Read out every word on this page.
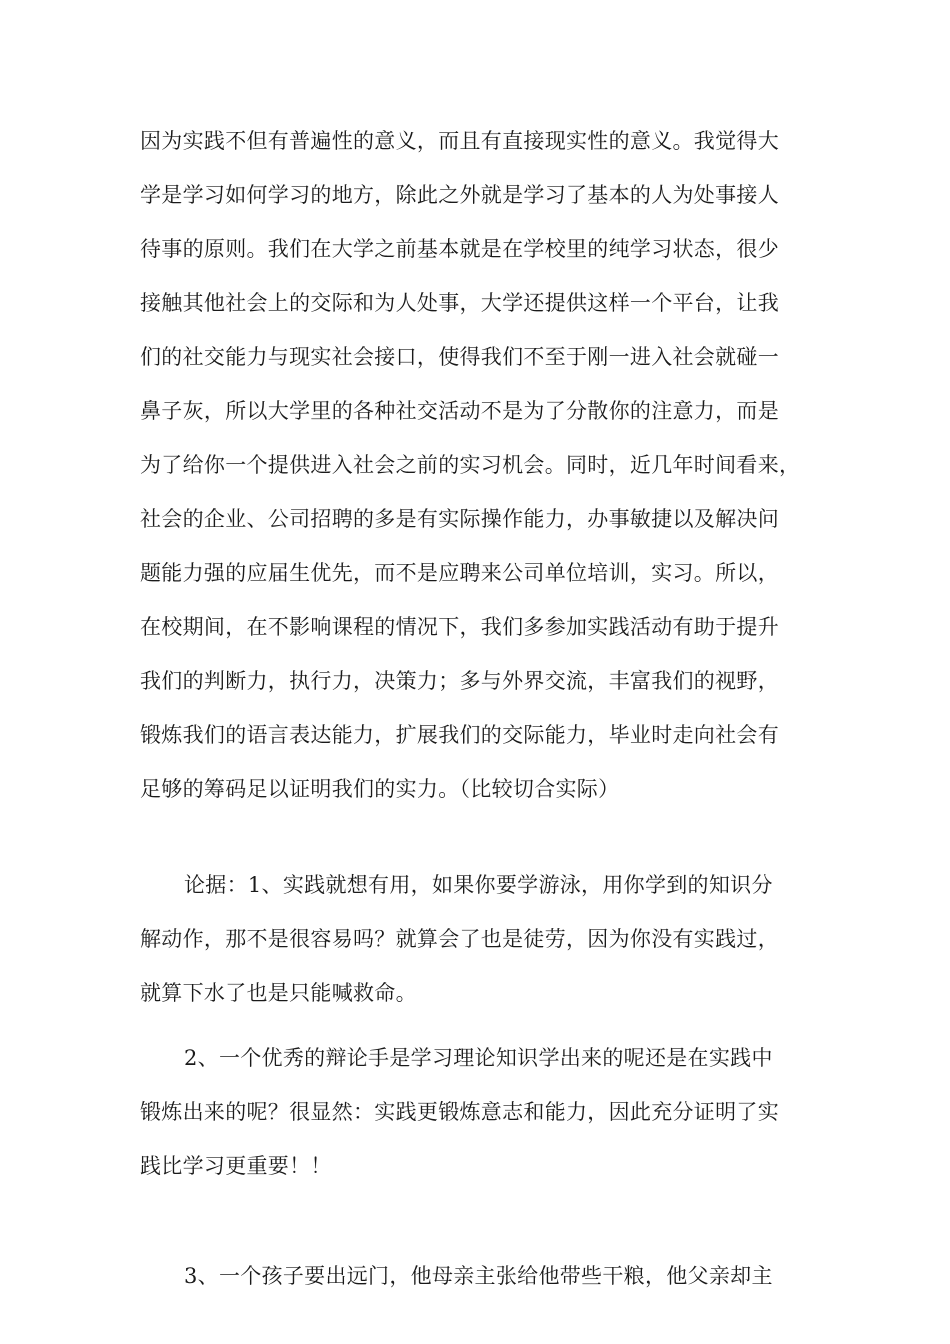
因为实践不但有普遍性的意义，而且有直接现实性的意义。我觉得大
学是学习如何学习的地方，除此之外就是学习了基本的人为处事接人
待事的原则。我们在大学之前基本就是在学校里的纯学习状态，很少
接触其他社会上的交际和为人处事，大学还提供这样一个平台，让我
们的社交能力与现实社会接口，使得我们不至于刚一进入社会就碰一
鼻子灰，所以大学里的各种社交活动不是为了分散你的注意力，而是
为了给你一个提供进入社会之前的实习机会。同时，近几年时间看来，
社会的企业、公司招聘的多是有实际操作能力，办事敏捷以及解决问
题能力强的应届生优先，而不是应聘来公司单位培训，实习。所以，
在校期间，在不影响课程的情况下，我们多参加实践活动有助于提升
我们的判断力，执行力，决策力；多与外界交流，丰富我们的视野，
锻炼我们的语言表达能力，扩展我们的交际能力，毕业时走向社会有
足够的筹码足以证明我们的实力。（比较切合实际）
论据：1、实践就想有用，如果你要学游泳，用你学到的知识分
解动作，那不是很容易吗？就算会了也是徒劳，因为你没有实践过，
就算下水了也是只能喊救命。
2、一个优秀的辩论手是学习理论知识学出来的呢还是在实践中
锻炼出来的呢？很显然：实践更锻炼意志和能力，因此充分证明了实
践比学习更重要！！
3、一个孩子要出远门，他母亲主张给他带些干粮，他父亲却主
